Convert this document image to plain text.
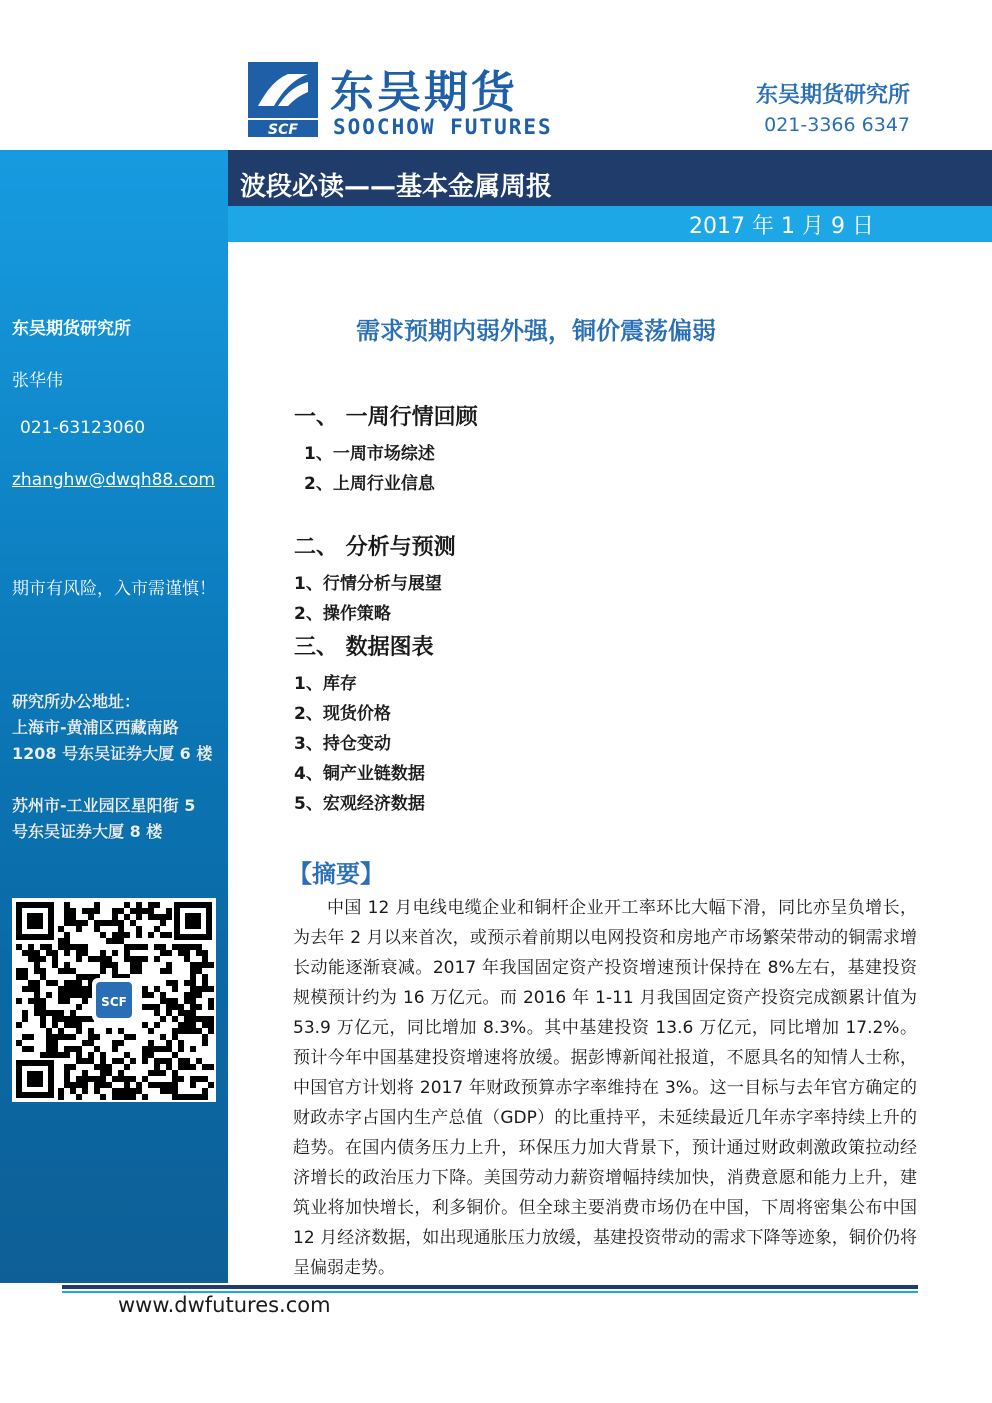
东吴期货研究所
张华伟
021-63123060
zhanghw@dwqh88.com
期市有风险，入市需谨慎！
研究所办公地址：
上海市-黄浦区西藏南路
1208 号东吴证券大厦 6 楼
苏州市-工业园区星阳街 5
号东吴证券大厦 8 楼
SCF
SCF
东吴期货
SOOCHOW FUTURES
东吴期货研究所
021-3366 6347
波段必读——基本金属周报
2017 年 1 月 9 日
需求预期内弱外强，铜价震荡偏弱
一、 一周行情回顾
1、一周市场综述
2、上周行业信息
二、 分析与预测
1、行情分析与展望
2、操作策略
三、 数据图表
1、库存
2、现货价格
3、持仓变动
4、铜产业链数据
5、宏观经济数据
【摘要】
中国 12 月电线电缆企业和铜杆企业开工率环比大幅下滑，同比亦呈负增长，为去年 2 月以来首次，或预示着前期以电网投资和房地产市场繁荣带动的铜需求增长动能逐渐衰减。2017 年我国固定资产投资增速预计保持在 8%左右，基建投资规模预计约为 16 万亿元。而 2016 年 1-11 月我国固定资产投资完成额累计值为 53.9 万亿元，同比增加 8.3%。其中基建投资 13.6 万亿元，同比增加 17.2%。预计今年中国基建投资增速将放缓。据彭博新闻社报道，不愿具名的知情人士称，中国官方计划将 2017 年财政预算赤字率维持在 3%。这一目标与去年官方确定的财政赤字占国内生产总值（GDP）的比重持平，未延续最近几年赤字率持续上升的趋势。在国内债务压力上升，环保压力加大背景下，预计通过财政刺激政策拉动经济增长的政治压力下降。美国劳动力薪资增幅持续加快，消费意愿和能力上升，建筑业将加快增长，利多铜价。但全球主要消费市场仍在中国，下周将密集公布中国 12 月经济数据，如出现通胀压力放缓，基建投资带动的需求下降等迹象，铜价仍将呈偏弱走势。
www.dwfutures.com
